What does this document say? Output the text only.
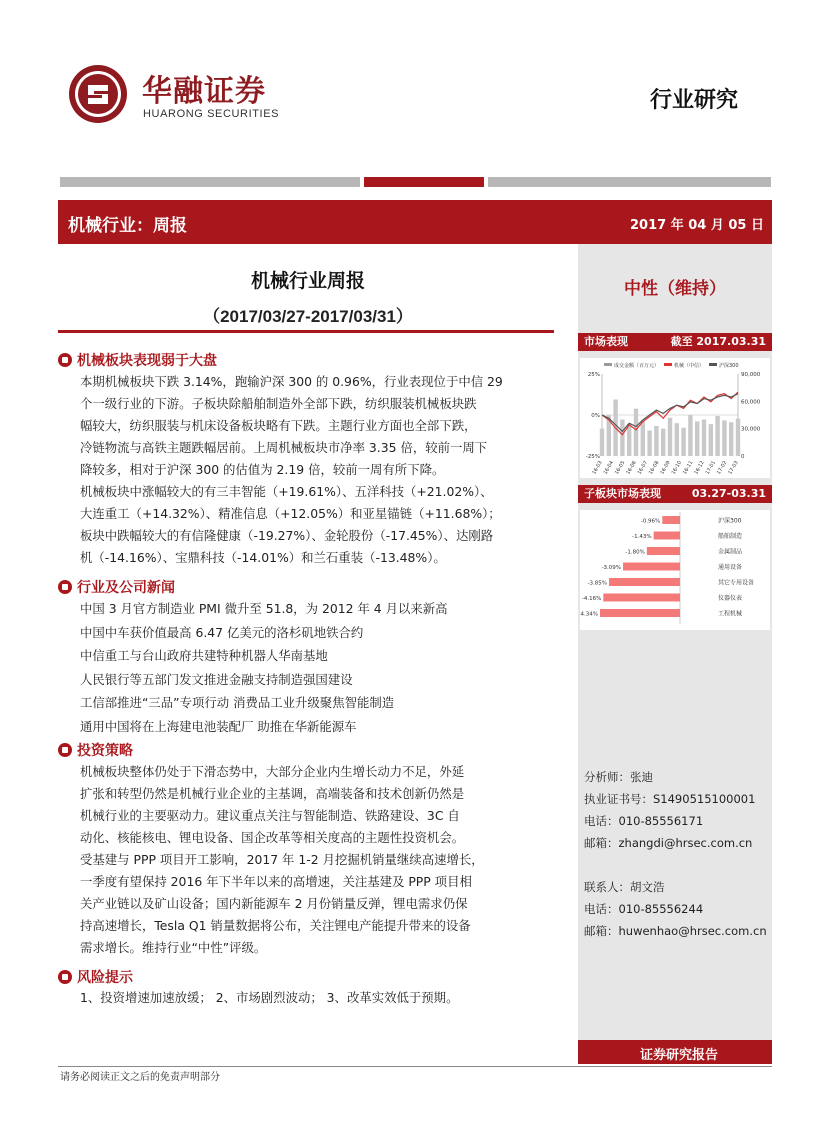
华融证券
HUARONG SECURITIES
行业研究
机械行业：周报	2017 年 04 月 05 日
中性（维持）
市场表现	截至 2017.03.31
成交金额（百万元）	机械（中信）	沪深300
25%
0%
-25%
90,000
60,000
30,000
0
16-03
16-04
16-05
16-06
16-07
16-08
16-09
16-10
16-11
16-12
17-01
17-02
17-03
子板块市场表现	03.27-03.31
-0.96%	沪深300
-1.43%	船舶制造
-1.80%	金属制品
-3.09%	通用设备
-3.85%	其它专用设备
-4.16%	仪器仪表
-4.34%	工程机械
分析师：张迪
执业证书号：S1490515100001
电话：010-85556171
邮箱：zhangdi@hrsec.com.cn
联系人：胡文浩
电话：010-85556244
邮箱：huwenhao@hrsec.com.cn
证券研究报告
机械行业周报
（2017/03/27-2017/03/31）
机械板块表现弱于大盘
本期机械板块下跌 3.14%，跑输沪深 300 的 0.96%，行业表现位于中信 29
个一级行业的下游。子板块除船舶制造外全部下跌，纺织服装机械板块跌
幅较大，纺织服装与机床设备板块略有下跌。主题行业方面也全部下跌，
冷链物流与高铁主题跌幅居前。上周机械板块市净率 3.35 倍，较前一周下
降较多，相对于沪深 300 的估值为 2.19 倍，较前一周有所下降。
机械板块中涨幅较大的有三丰智能（+19.61%）、五洋科技（+21.02%）、
大连重工（+14.32%）、精准信息（+12.05%）和亚星锚链（+11.68%）；
板块中跌幅较大的有信隆健康（-19.27%）、金轮股份（-17.45%）、达刚路
机（-14.16%）、宝鼎科技（-14.01%）和兰石重装（-13.48%）。
行业及公司新闻
中国 3 月官方制造业 PMI 微升至 51.8，为 2012 年 4 月以来新高
中国中车获价值最高 6.47 亿美元的洛杉矶地铁合约
中信重工与台山政府共建特种机器人华南基地
人民银行等五部门发文推进金融支持制造强国建设
工信部推进“三品”专项行动 消费品工业升级聚焦智能制造
通用中国将在上海建电池装配厂 助推在华新能源车
投资策略
机械板块整体仍处于下滑态势中，大部分企业内生增长动力不足，外延
扩张和转型仍然是机械行业企业的主基调，高端装备和技术创新仍然是
机械行业的主要驱动力。建议重点关注与智能制造、铁路建设、3C 自
动化、核能核电、锂电设备、国企改革等相关度高的主题性投资机会。
受基建与 PPP 项目开工影响，2017 年 1-2 月挖掘机销量继续高速增长，
一季度有望保持 2016 年下半年以来的高增速，关注基建及 PPP 项目相
关产业链以及矿山设备；国内新能源车 2 月份销量反弹，锂电需求仍保
持高速增长，Tesla Q1 销量数据将公布，关注锂电产能提升带来的设备
需求增长。维持行业“中性”评级。
风险提示
1、投资增速加速放缓； 2、市场剧烈波动； 3、改革实效低于预期。
请务必阅读正文之后的免责声明部分
